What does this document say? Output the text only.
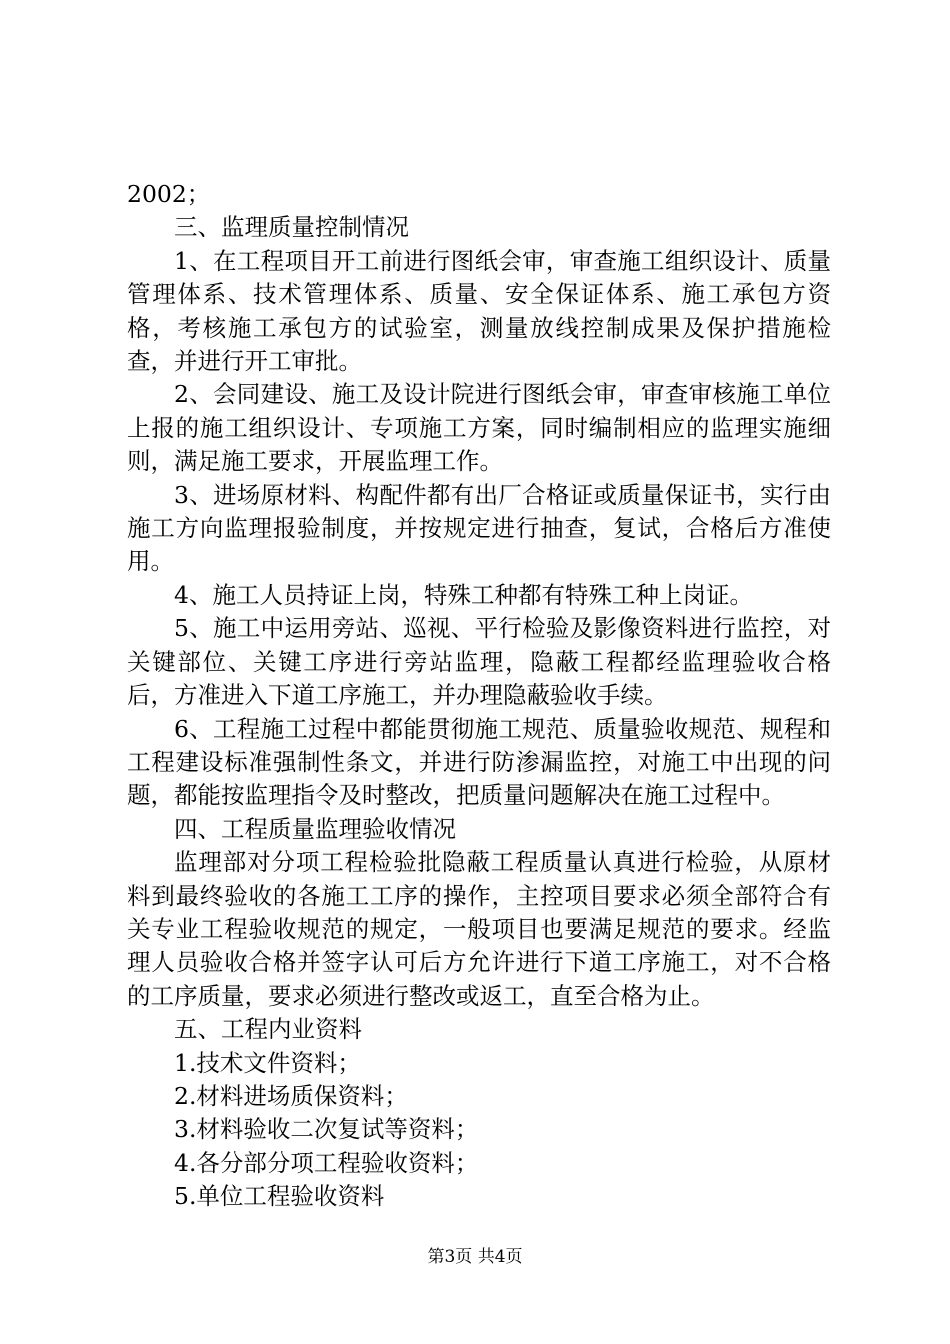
2002；

三、监理质量控制情况

1、在工程项目开工前进行图纸会审，审查施工组织设计、质量管理体系、技术管理体系、质量、安全保证体系、施工承包方资格，考核施工承包方的试验室，测量放线控制成果及保护措施检查，并进行开工审批。

2、会同建设、施工及设计院进行图纸会审，审查审核施工单位上报的施工组织设计、专项施工方案，同时编制相应的监理实施细则，满足施工要求，开展监理工作。

3、进场原材料、构配件都有出厂合格证或质量保证书，实行由施工方向监理报验制度，并按规定进行抽查，复试，合格后方准使用。

4、施工人员持证上岗，特殊工种都有特殊工种上岗证。

5、施工中运用旁站、巡视、平行检验及影像资料进行监控，对关键部位、关键工序进行旁站监理，隐蔽工程都经监理验收合格后，方准进入下道工序施工，并办理隐蔽验收手续。

6、工程施工过程中都能贯彻施工规范、质量验收规范、规程和工程建设标准强制性条文，并进行防渗漏监控，对施工中出现的问题，都能按监理指令及时整改，把质量问题解决在施工过程中。

四、工程质量监理验收情况

监理部对分项工程检验批隐蔽工程质量认真进行检验，从原材料到最终验收的各施工工序的操作，主控项目要求必须全部符合有关专业工程验收规范的规定，一般项目也要满足规范的要求。经监理人员验收合格并签字认可后方允许进行下道工序施工，对不合格的工序质量，要求必须进行整改或返工，直至合格为止。

五、工程内业资料

1.技术文件资料；

2.材料进场质保资料；

3.材料验收二次复试等资料；

4.各分部分项工程验收资料；

5.单位工程验收资料

第3页 共4页
